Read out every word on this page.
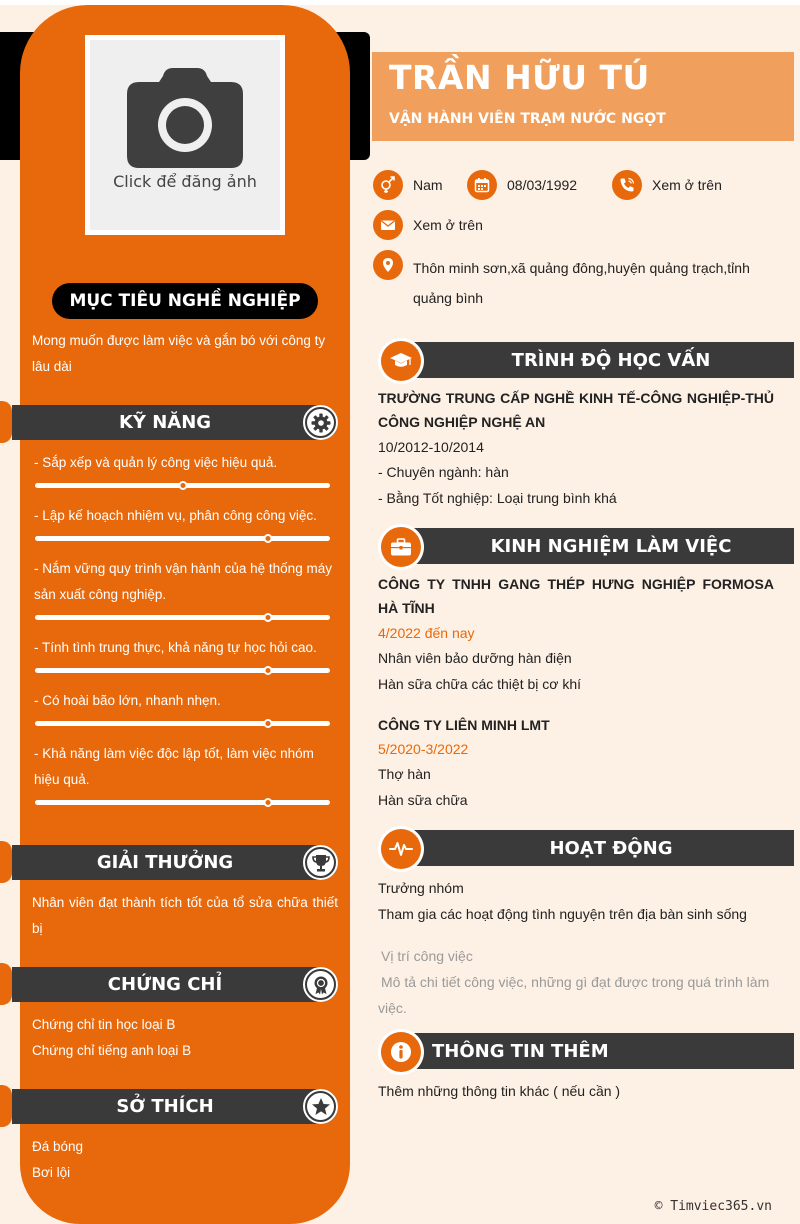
Click để đăng ảnh
MỤC TIÊU NGHỀ NGHIỆP
Mong muốn được làm việc và gắn bó với công ty lâu dài
KỸ NĂNG
- Sắp xếp và quản lý công việc hiệu quả.
- Lập kế hoạch nhiệm vụ, phân công công việc.
- Nắm vững quy trình vận hành của hệ thống máy sản xuất công nghiệp.
- Tính tình trung thực, khả năng tự học hỏi cao.
- Có hoài bão lớn, nhanh nhẹn.
- Khả năng làm việc độc lập tốt, làm việc nhóm hiệu quả.
GIẢI THƯỞNG
Nhân viên đạt thành tích tốt của tổ sửa chữa thiết bị
CHỨNG CHỈ
Chứng chỉ tin học loại B
Chứng chỉ tiếng anh loại B
SỞ THÍCH
Đá bóng
Bơi lội
TRẦN HỮU TÚ
VẬN HÀNH VIÊN TRẠM NƯỚC NGỌT
Nam	08/03/1992	Xem ở trên
Xem ở trên
Thôn minh sơn,xã quảng đông,huyện quảng trạch,tỉnh quảng bình
TRÌNH ĐỘ HỌC VẤN
TRƯỜNG TRUNG CẤP NGHỀ KINH TẾ-CÔNG NGHIỆP-THỦ CÔNG NGHIỆP NGHỆ AN
10/2012-10/2014
- Chuyên ngành: hàn
- Bằng Tốt nghiệp: Loại trung bình khá
KINH NGHIỆM LÀM VIỆC
CÔNG TY TNHH GANG THÉP HƯNG NGHIỆP FORMOSA HÀ TĨNH
4/2022 đến nay
Nhân viên bảo dưỡng hàn điện
Hàn sữa chữa các thiệt bị cơ khí
CÔNG TY LIÊN MINH LMT
5/2020-3/2022
Thợ hàn
Hàn sữa chữa
HOẠT ĐỘNG
Trưởng nhóm
Tham gia các hoạt động tình nguyện trên địa bàn sinh sống
Vị trí công việc
Mô tả chi tiết công việc, những gì đạt được trong quá trình làm việc.
THÔNG TIN THÊM
Thêm những thông tin khác ( nếu cần )
© Timviec365.vn
